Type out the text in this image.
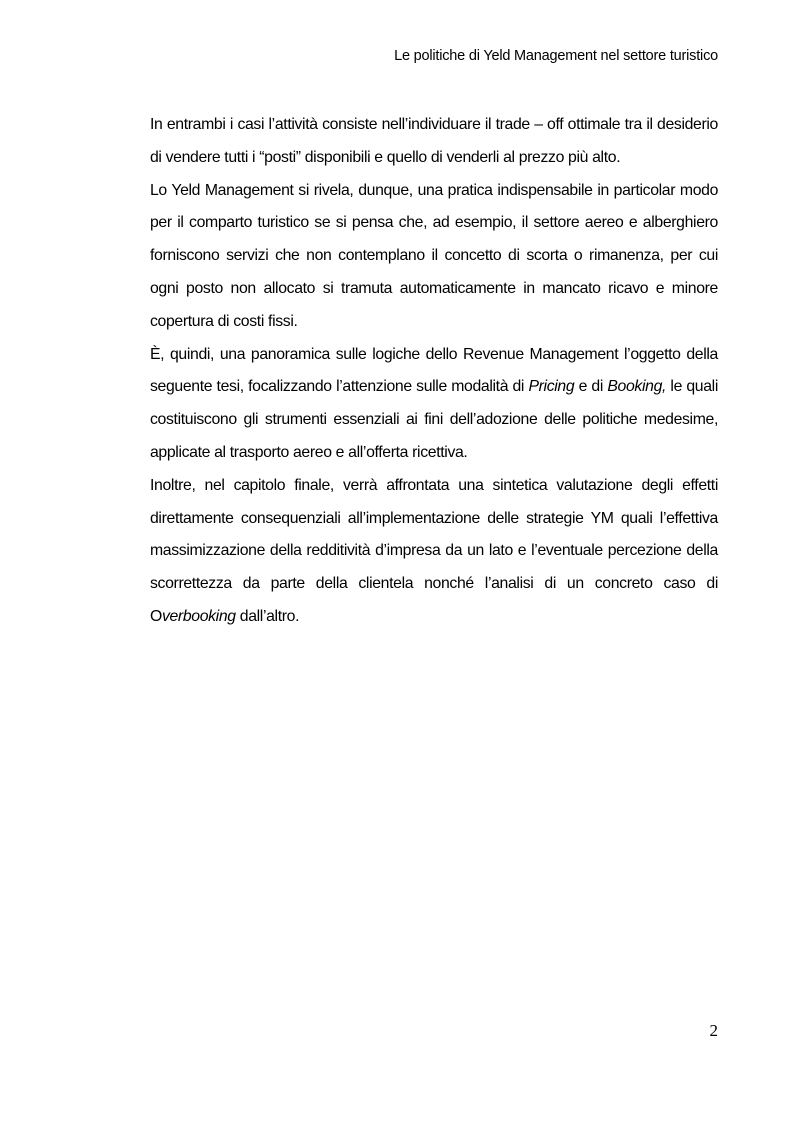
Le politiche di Yeld Management nel settore turistico

In entrambi i casi l’attività consiste nell’individuare il trade – off ottimale tra il desiderio di vendere tutti i “posti” disponibili e quello di venderli al prezzo più alto.

Lo Yeld Management si rivela, dunque, una pratica indispensabile in particolar modo per il comparto turistico se si pensa che, ad esempio, il settore aereo e alberghiero forniscono servizi che non contemplano il concetto di scorta o rimanenza, per cui ogni posto non allocato si tramuta automaticamente in mancato ricavo e minore copertura di costi fissi.

È, quindi, una panoramica sulle logiche dello Revenue Management l’oggetto della seguente tesi, focalizzando l’attenzione sulle modalità di Pricing e di Booking, le quali costituiscono gli strumenti essenziali ai fini dell’adozione delle politiche medesime, applicate al trasporto aereo e all’offerta ricettiva.

Inoltre, nel capitolo finale, verrà affrontata una sintetica valutazione degli effetti direttamente consequenziali all’implementazione delle strategie YM quali l’effettiva massimizzazione della redditività d’impresa da un lato e l’eventuale percezione della scorrettezza da parte della clientela nonché l’analisi di un concreto caso di Overbooking dall’altro.

2
